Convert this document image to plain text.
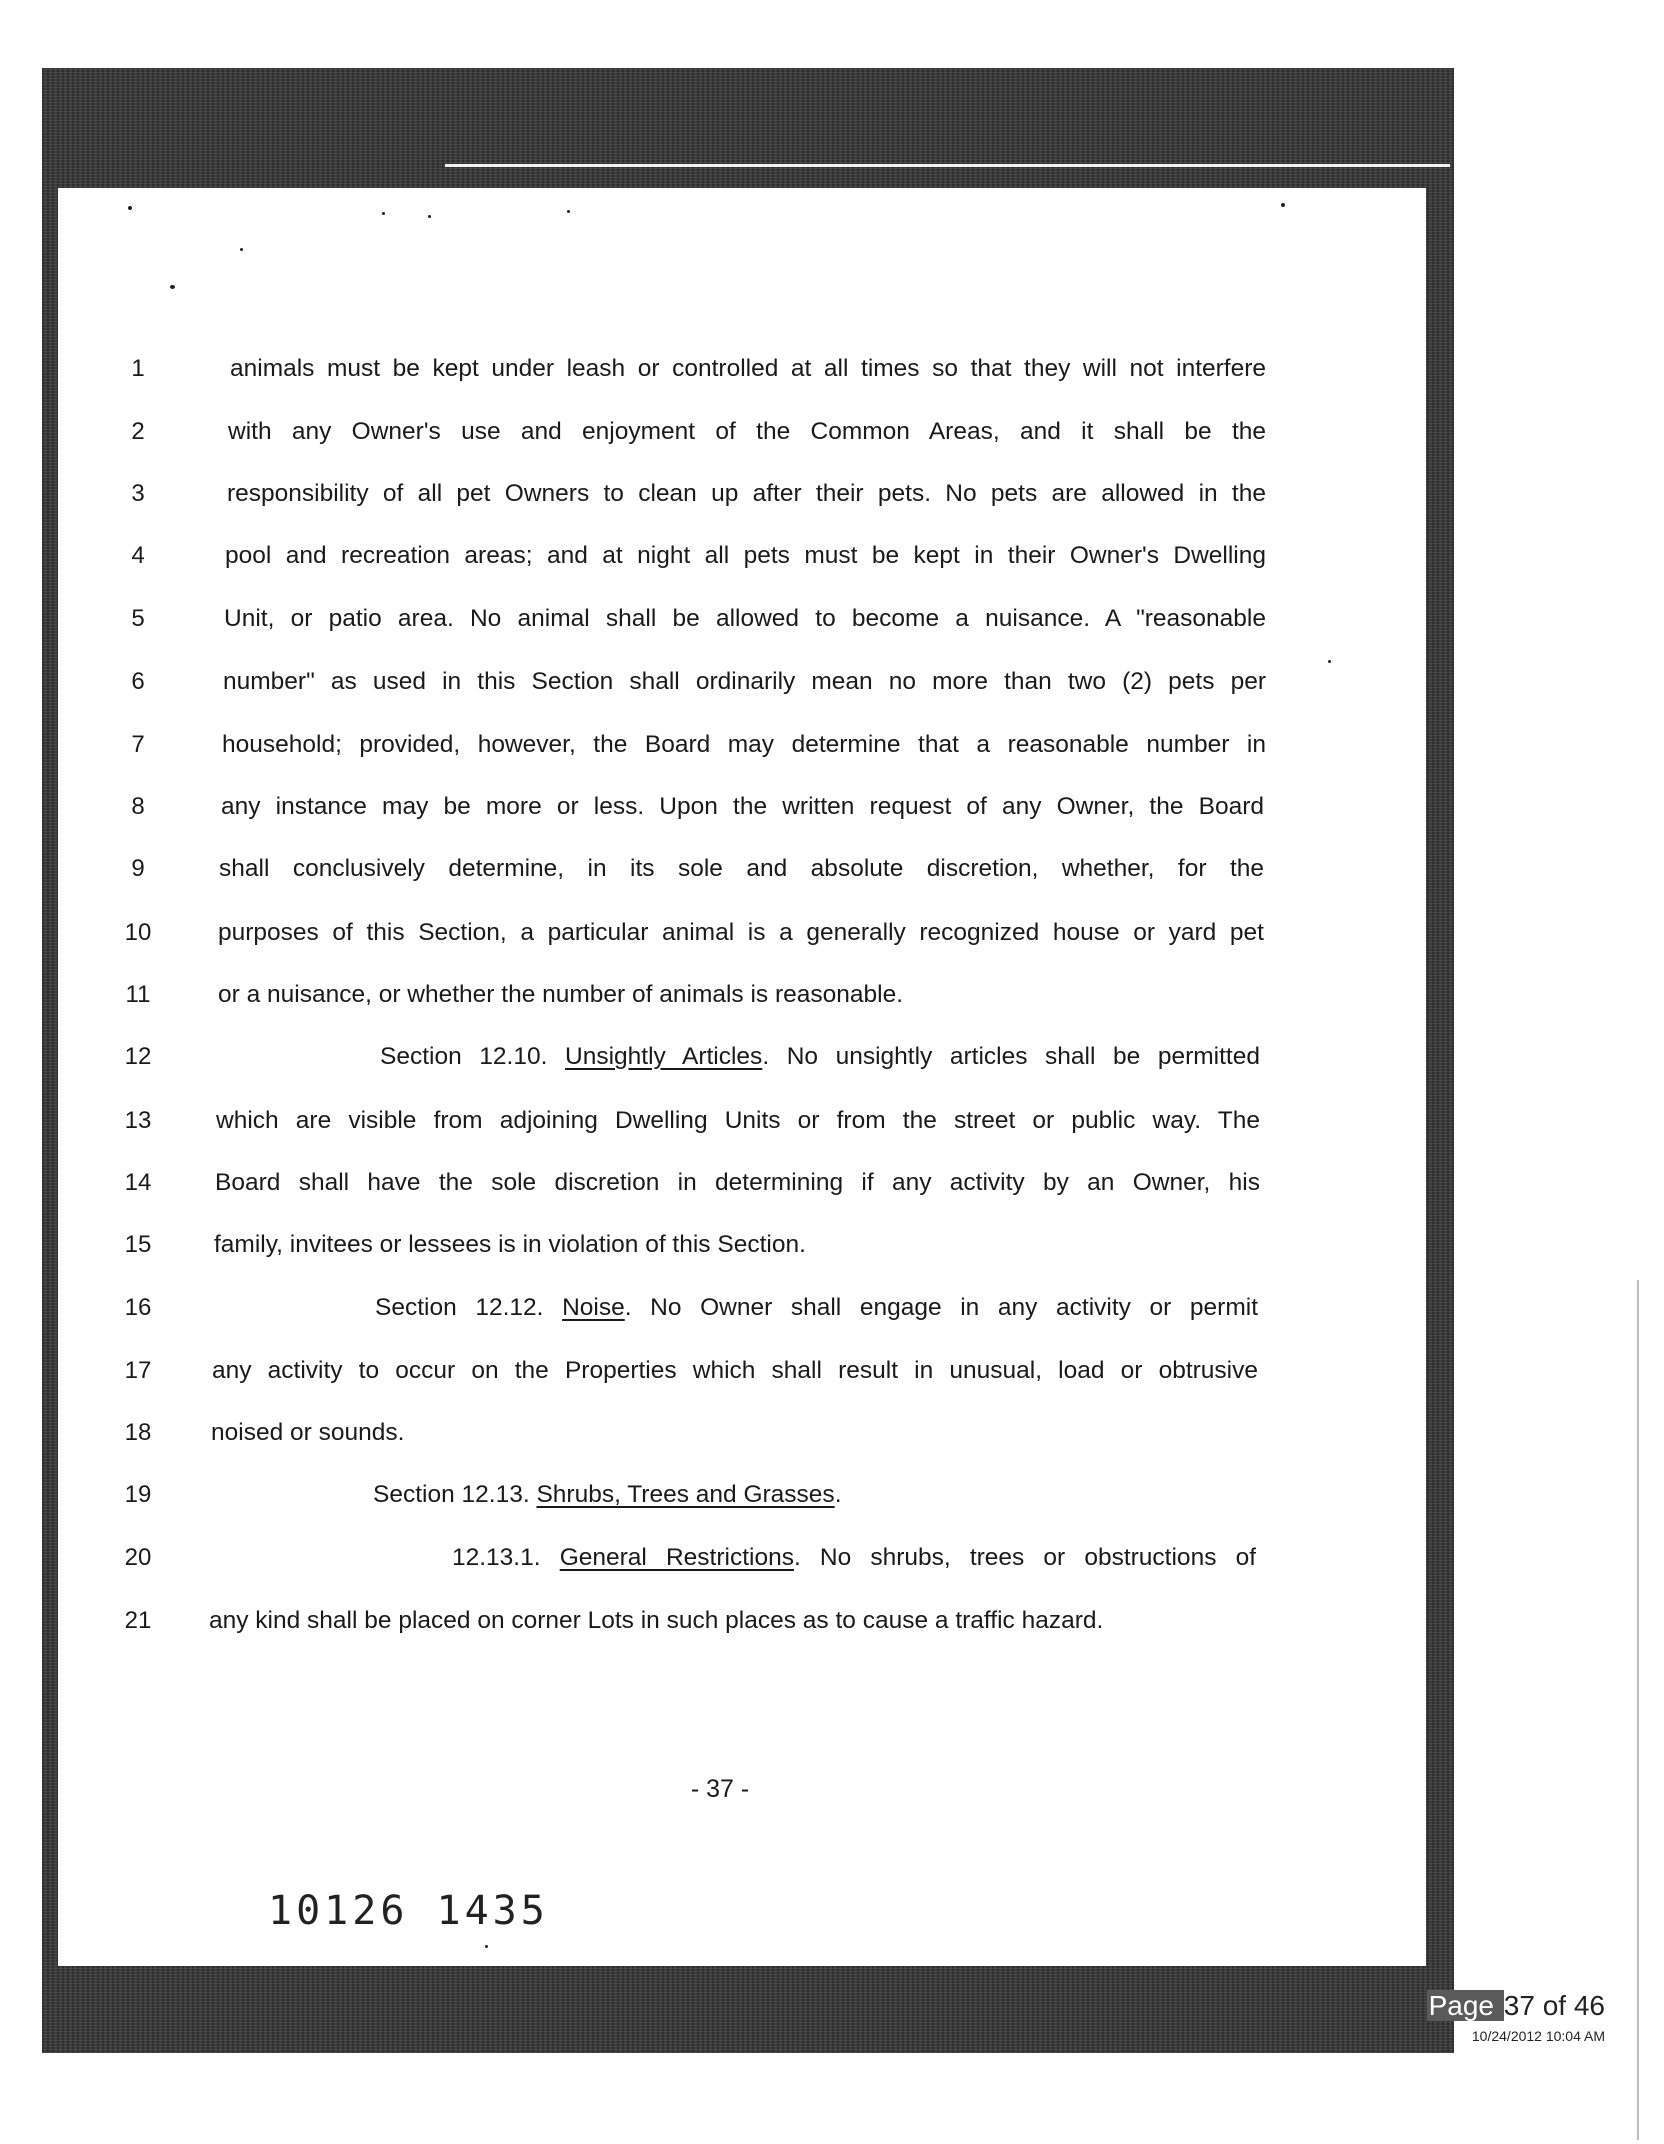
1	animals must be kept under leash or controlled at all times so that they will not interfere
2	with any Owner's use and enjoyment of the Common Areas, and it shall be the
3	responsibility of all pet Owners to clean up after their pets. No pets are allowed in the
4	pool and recreation areas; and at night all pets must be kept in their Owner's Dwelling
5	Unit, or patio area. No animal shall be allowed to become a nuisance. A "reasonable
6	number" as used in this Section shall ordinarily mean no more than two (2) pets per
7	household; provided, however, the Board may determine that a reasonable number in
8	any instance may be more or less. Upon the written request of any Owner, the Board
9	shall conclusively determine, in its sole and absolute discretion, whether, for the
10	purposes of this Section, a particular animal is a generally recognized house or yard pet
11	or a nuisance, or whether the number of animals is reasonable.
12	Section 12.10. Unsightly Articles. No unsightly articles shall be permitted
13	which are visible from adjoining Dwelling Units or from the street or public way. The
14	Board shall have the sole discretion in determining if any activity by an Owner, his
15	family, invitees or lessees is in violation of this Section.
16	Section 12.12. Noise. No Owner shall engage in any activity or permit
17	any activity to occur on the Properties which shall result in unusual, load or obtrusive
18	noised or sounds.
19	Section 12.13. Shrubs, Trees and Grasses.
20	12.13.1. General Restrictions. No shrubs, trees or obstructions of
21	any kind shall be placed on corner Lots in such places as to cause a traffic hazard.
- 37 -
10126 1435
Page 37 of 46
10/24/2012 10:04 AM
